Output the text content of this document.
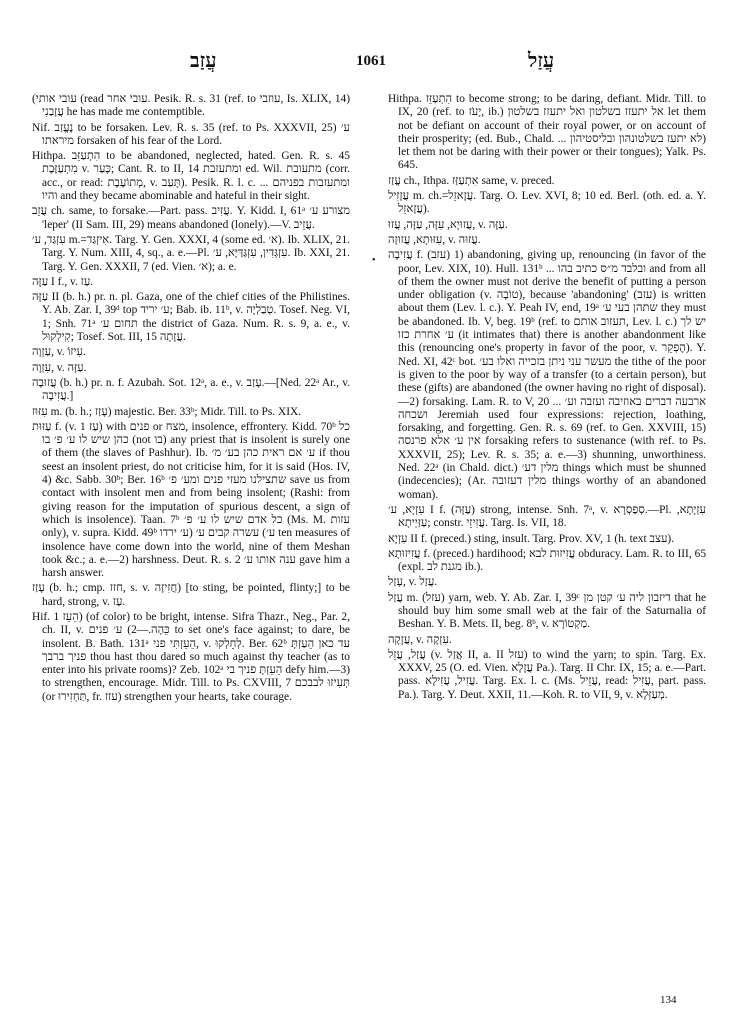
עֲזַב	1061	עֲזַל

(עובי אותי (read עובי אחר. Pesik. R. s. 31 (ref. to עוזבי, Is. XLIX, 14) עֲזָבַנִי he has made me contemptible.

Nif. נֶעֱזַב to be forsaken. Lev. R. s. 35 (ref. to Ps. XXXVII, 25) ע׳ מיראתו forsaken of his fear of the Lord.

Hithpa. הִתְעַזֵּב to be abandoned, neglected, hated. Gen. R. s. 45 מִתְעַזֶּבֶת v. כָּעַר; Cant. R. to II, 14 ומתעזבת ed. Wil. מתעובת (corr. acc., or read: מְתוֹעֶבֶת, v. תָּעַב). Pesik. R. l. c. ... ומתעזבות בפניהם והיו and they became abominable and hateful in their sight.

עֲזֵב ch. same, to forsake.—Part. pass. עֲזִיב. Y. Kidd. I, 61ᵃ מצורע ע׳ 'leper' (II Sam. III, 29) means abandoned (lonely).—V. עֲזֵיב.

עִזְגַּד, ע׳ m.=אִיזְגַּד. Targ. Y. Gen. XXXI, 4 (some ed. א׳). Ib. XLIX, 21. Targ. Y. Num. XIII, 4, sq., a. e.—Pl. עִזְגְּדִין, עִזְגַּדַּיָּא, ע׳. Ib. XXI, 21. Targ. Y. Gen. XXXII, 7 (ed. Vien. א׳); a. e.

עַזָּה I f., v. עַז.

עַזָּה II (b. h.) pr. n. pl. Gaza, one of the chief cities of the Philistines. Y. Ab. Zar. I, 39ᵈ top ע׳ יריד; Bab. ib. 11ᵇ, v. טְבַלְיָה. Tosef. Neg. VI, 1; Snh. 71ᵃ תחום ע׳ the district of Gaza. Num. R. s. 9, a. e., v. קִילְקוּל; Tosef. Sot. III, 15 עֲזָתָה.

עַזְוָה, v. עִיזוֹ.

עִזְוָה, v. עַזָּה.

עֲזוּבָה (b. h.) pr. n. f. Azubah. Sot. 12ᵃ, a. e., v. עָזַב.—[Ned. 22ᵃ Ar., v. עֲזִיבָה.]

עִזּוּז m. (b. h.; עָזַז) majestic. Ber. 33ᵇ; Midr. Till. to Ps. XIX.

עַזּוּת f. (v. עַז 1) with פנים or מצח, insolence, effrontery. Kidd. 70ᵇ כל כהן שיש לו ע׳ פ׳ בו (not בו) any priest that is insolent is surely one of them (the slaves of Pashhur). Ib. ע׳ אם ראית כהן בע׳ מ׳ if thou seest an insolent priest, do not criticise him, for it is said (Hos. IV, 4) &c. Sabb. 30ᵇ; Ber. 16ᵇ שתצילנו מעזי פנים ומע׳ פ׳ save us from contact with insolent men and from being insolent; (Rashi: from giving reason for the imputation of spurious descent, a sign of which is insolence). Taan. 7ᵇ כל אדם שיש לו ע׳ פ׳ (Ms. M. עזות only), v. supra. Kidd. 49ᵇ עשרה קבים ע׳ (ע׳ ירדו (ע׳ ten measures of insolence have come down into the world, nine of them Meshan took &c.; a. e.—2) harshness. Deut. R. s. 2 ענה אותו ע׳ gave him a harsh answer.

עָזַז (b. h.; cmp. חזז, s. v. חֲזִיזָה) [to sting, be pointed, flinty;] to be hard, strong, v. עַז.

Hif. הֵעֵז 1) (of color) to be bright, intense. Sifra Thazr., Neg., Par. 2, ch. II, v. כֵּהָה.—2) ע׳ פנים to set one's face against; to dare, be insolent. B. Bath. 131ᵃ הֵעֵזְתִּי פני, v. לְחֵלְקוּ. Ber. 62ᵇ עד כאן הֵעַזְתָּ פניך ברבך thou hast thou dared so much against thy teacher (as to enter into his private rooms)? Zeb. 102ᵃ הֵעֵזְתָּ פניך בי defy him.—3) to strengthen, encourage. Midr. Till. to Ps. CXVIII, 7 תְּעִיזוּ לבבכם (or תַּחְזִירוּ, fr. עזז) strengthen your hearts, take courage.

•

Hithpa. הִתְעַזֵּז to become strong; to be daring, defiant. Midr. Till. to IX, 20 (ref. to יָעֹז, ib.) אל יתעזז בשלטון ואל יתעזז בשלטון let them not be defiant on account of their royal power, or on account of their prosperity; (ed. Bub., Chald. ... לא יתעז בשלטונהון ובליסטיהון) let them not be daring with their power or their tongues); Yalk. Ps. 645.

עֲזַז ch., Ithpa. אִתְעַזַּז same, v. preced.

עֲזָזִיל m. ch.=עֲזָאזֵל. Targ. O. Lev. XVI, 8; 10 ed. Berl. (oth. ed. a. Y. עֲזָאזֵל).

עֲזוּיָא, עִזָּה, עַזָּה, עֲזוּ, v. עַזָּה.

עִזּוּתָא, עֲזוּזָה, v. עֲזוּה.

עֲזִיבָה f. (עזב) 1) abandoning, giving up, renouncing (in favor of the poor, Lev. XIX, 10). Hull. 131ᵇ ... ובלבד מ״ס כתיב בהו and from all of them the owner must not derive the benefit of putting a person under obligation (v. טוֹבָה), because 'abandoning' (עזב) is written about them (Lev. l. c.). Y. Peah IV, end, 19ᵃ שתהן בעי ע׳ they must be abandoned. Ib. V, beg. 19ᵇ (ref. to תעזוב אותם, Lev. l. c.) יש לך ע׳ אחרת כזו (it intimates that) there is another abandonment like this (renouncing one's property in favor of the poor, v. הֶפְקֵר). Y. Ned. XI, 42ᶜ bot. מעשר עני ניתן בזכייה ואלו בע׳ the tithe of the poor is given to the poor by way of a transfer (to a certain person), but these (gifts) are abandoned (the owner having no right of disposal).—2) forsaking. Lam. R. to V, 20 ... ארבעה דברים באוזיבה ועזבה וע׳ ושכחה Jeremiah used four expressions: rejection, loathing, forsaking, and forgetting. Gen. R. s. 69 (ref. to Gen. XXVIII, 15) אין ע׳ אלא פרנסה forsaking refers to sustenance (with ref. to Ps. XXXVII, 25); Lev. R. s. 35; a. e.—3) shunning, unworthiness. Ned. 22ᵃ (in Chald. dict.) מלין דע׳ things which must be shunned (indecencies); (Ar. מלין דעזובה things worthy of an abandoned woman).

עִזְיָא, ע׳ I f. (עַזָּה) strong, intense. Snh. 7ᵃ, v. סְפַסְרָא.—Pl. עִזְיָתָא, עַזַּיְיתָא; constr. עֲזִיזֵי. Targ. Is. VII, 18.

עִזְיָא II f. (preced.) sting, insult. Targ. Prov. XV, 1 (h. text עצב).

עֲזִיזוּתָא f. (preced.) hardihood; עֲזִיזוּת לבא obduracy. Lam. R. to III, 65 (expl. מגנת לב ib.).

עָזַל, v. עֲזַל.

עֲזַל m. (עזל) yarn, web. Y. Ab. Zar. I, 39ᶜ דיזבון ליה ע׳ קטן מן that he should buy him some small web at the fair of the Saturnalia of Beshan. Y. B. Mets. II, beg. 8ᵇ, v. מַקְטוֹרָא.

עֲזָקָה, v. עִזְקָה.

עֲזַל, עֲזֵל (v. אֲזַל II, a. II עזל) to wind the yarn; to spin. Targ. Ex. XXXV, 25 (O. ed. Vien. עֲזָלָא Pa.). Targ. II Chr. IX, 15; a. e.—Part. pass. עֲזִיל, עֲזִילָא. Targ. Ex. l. c. (Ms. עֲזֵיל, read: עֲזִיל, part. pass. Pa.). Targ. Y. Deut. XXII, 11.—Koh. R. to VII, 9, v. מְעַזְּלָא.

134
